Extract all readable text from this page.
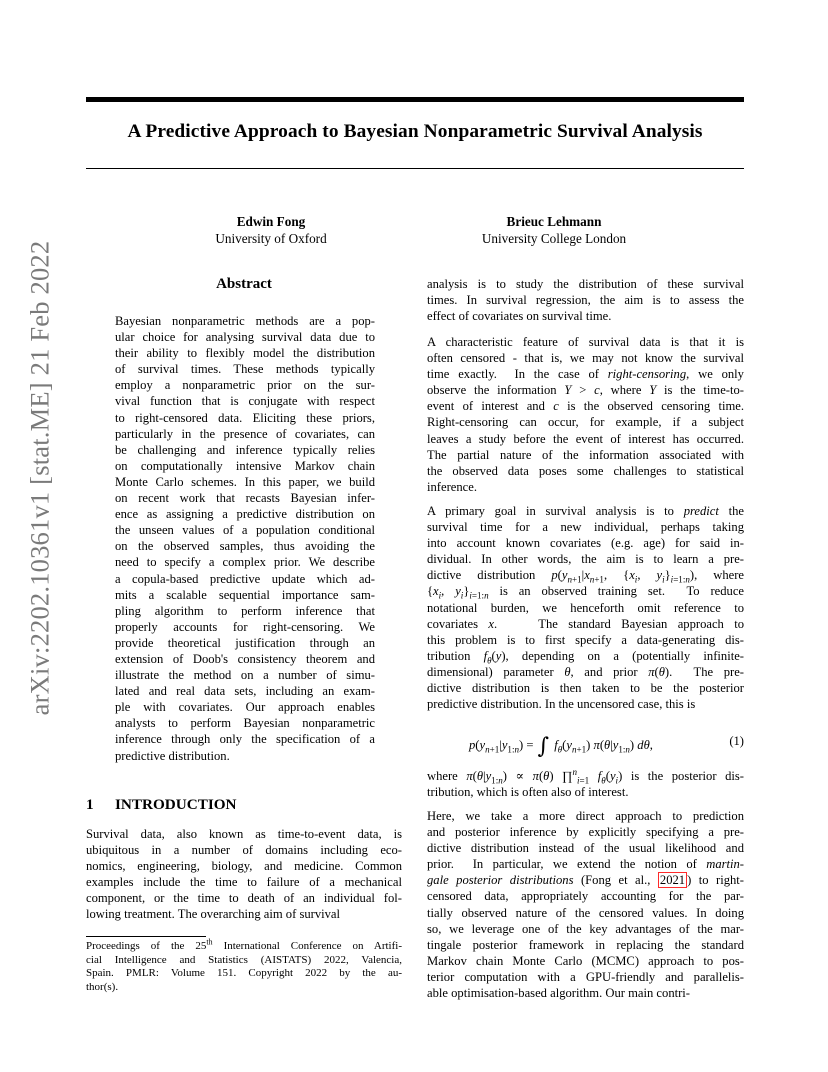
A Predictive Approach to Bayesian Nonparametric Survival Analysis
Edwin Fong
University of Oxford
Brieuc Lehmann
University College London
arXiv:2202.10361v1 [stat.ME] 21 Feb 2022	Abstract
Bayesian nonparametric methods are a pop-
ular choice for analysing survival data due to
their ability to flexibly model the distribution
of survival times. These methods typically
employ a nonparametric prior on the sur-
vival function that is conjugate with respect
to right-censored data. Eliciting these priors,
particularly in the presence of covariates, can
be challenging and inference typically relies
on computationally intensive Markov chain
Monte Carlo schemes. In this paper, we build
on recent work that recasts Bayesian infer-
ence as assigning a predictive distribution on
the unseen values of a population conditional
on the observed samples, thus avoiding the
need to specify a complex prior. We describe
a copula-based predictive update which ad-
mits a scalable sequential importance sam-
pling algorithm to perform inference that
properly accounts for right-censoring. We
provide theoretical justification through an
extension of Doob's consistency theorem and
illustrate the method on a number of simu-
lated and real data sets, including an exam-
ple with covariates. Our approach enables
analysts to perform Bayesian nonparametric
inference through only the specification of a
predictive distribution.
1 INTRODUCTION
Survival data, also known as time-to-event data, is
ubiquitous in a number of domains including eco-
nomics, engineering, biology, and medicine. Common
examples include the time to failure of a mechanical
component, or the time to death of an individual fol-
lowing treatment. The overarching aim of survival
Proceedings of the 25th International Conference on Artifi-
cial Intelligence and Statistics (AISTATS) 2022, Valencia,
Spain. PMLR: Volume 151. Copyright 2022 by the au-
thor(s).
analysis is to study the distribution of these survival
times. In survival regression, the aim is to assess the
effect of covariates on survival time.
A characteristic feature of survival data is that it is
often censored - that is, we may not know the survival
time exactly.  In the case of right-censoring, we only
observe the information Y > c, where Y is the time-to-
event of interest and c is the observed censoring time.
Right-censoring can occur, for example, if a subject
leaves a study before the event of interest has occurred.
The partial nature of the information associated with
the observed data poses some challenges to statistical
inference.
A primary goal in survival analysis is to predict the
survival time for a new individual, perhaps taking
into account known covariates (e.g. age) for said in-
dividual. In other words, the aim is to learn a pre-
dictive distribution $p(y_{n+1}|x_{n+1}$, {$x_i$, $y_i\}_{i=1:n}$), where
{$x_i$, $y_i\}_{i=1:n}$ is an observed training set.  To reduce
notational burden, we henceforth omit reference to
covariates x.    The standard Bayesian approach to
this problem is to first specify a data-generating dis-
tribution $f_\theta(y)$, depending on a (potentially infinite-
dimensional) parameter θ, and prior π(θ).  The pre-
dictive distribution is then taken to be the posterior
predictive distribution. In the uncensored case, this is
$p(y_{n+1}|y_{1:n})$ = ∫ $f_\theta(y_{n+1})$ $\pi(\theta|y_{1:n})$ dθ,	(1)
where $\pi(\theta|y_{1:n}) \propto \pi(\theta)$ ∏$^n_{i=1}$ $f_\theta(y_i)$ is the posterior dis-
tribution, which is often also of interest.
Here, we take a more direct approach to prediction
and posterior inference by explicitly specifying a pre-
dictive distribution instead of the usual likelihood and
prior.  In particular, we extend the notion of martin-
gale posterior distributions (Fong et al., 2021 ) to right-
censored data, appropriately accounting for the par-
tially observed nature of the censored values. In doing
so, we leverage one of the key advantages of the mar-
tingale posterior framework in replacing the standard
Markov chain Monte Carlo (MCMC) approach to pos-
terior computation with a GPU-friendly and parallelis-
able optimisation-based algorithm. Our main contri-
